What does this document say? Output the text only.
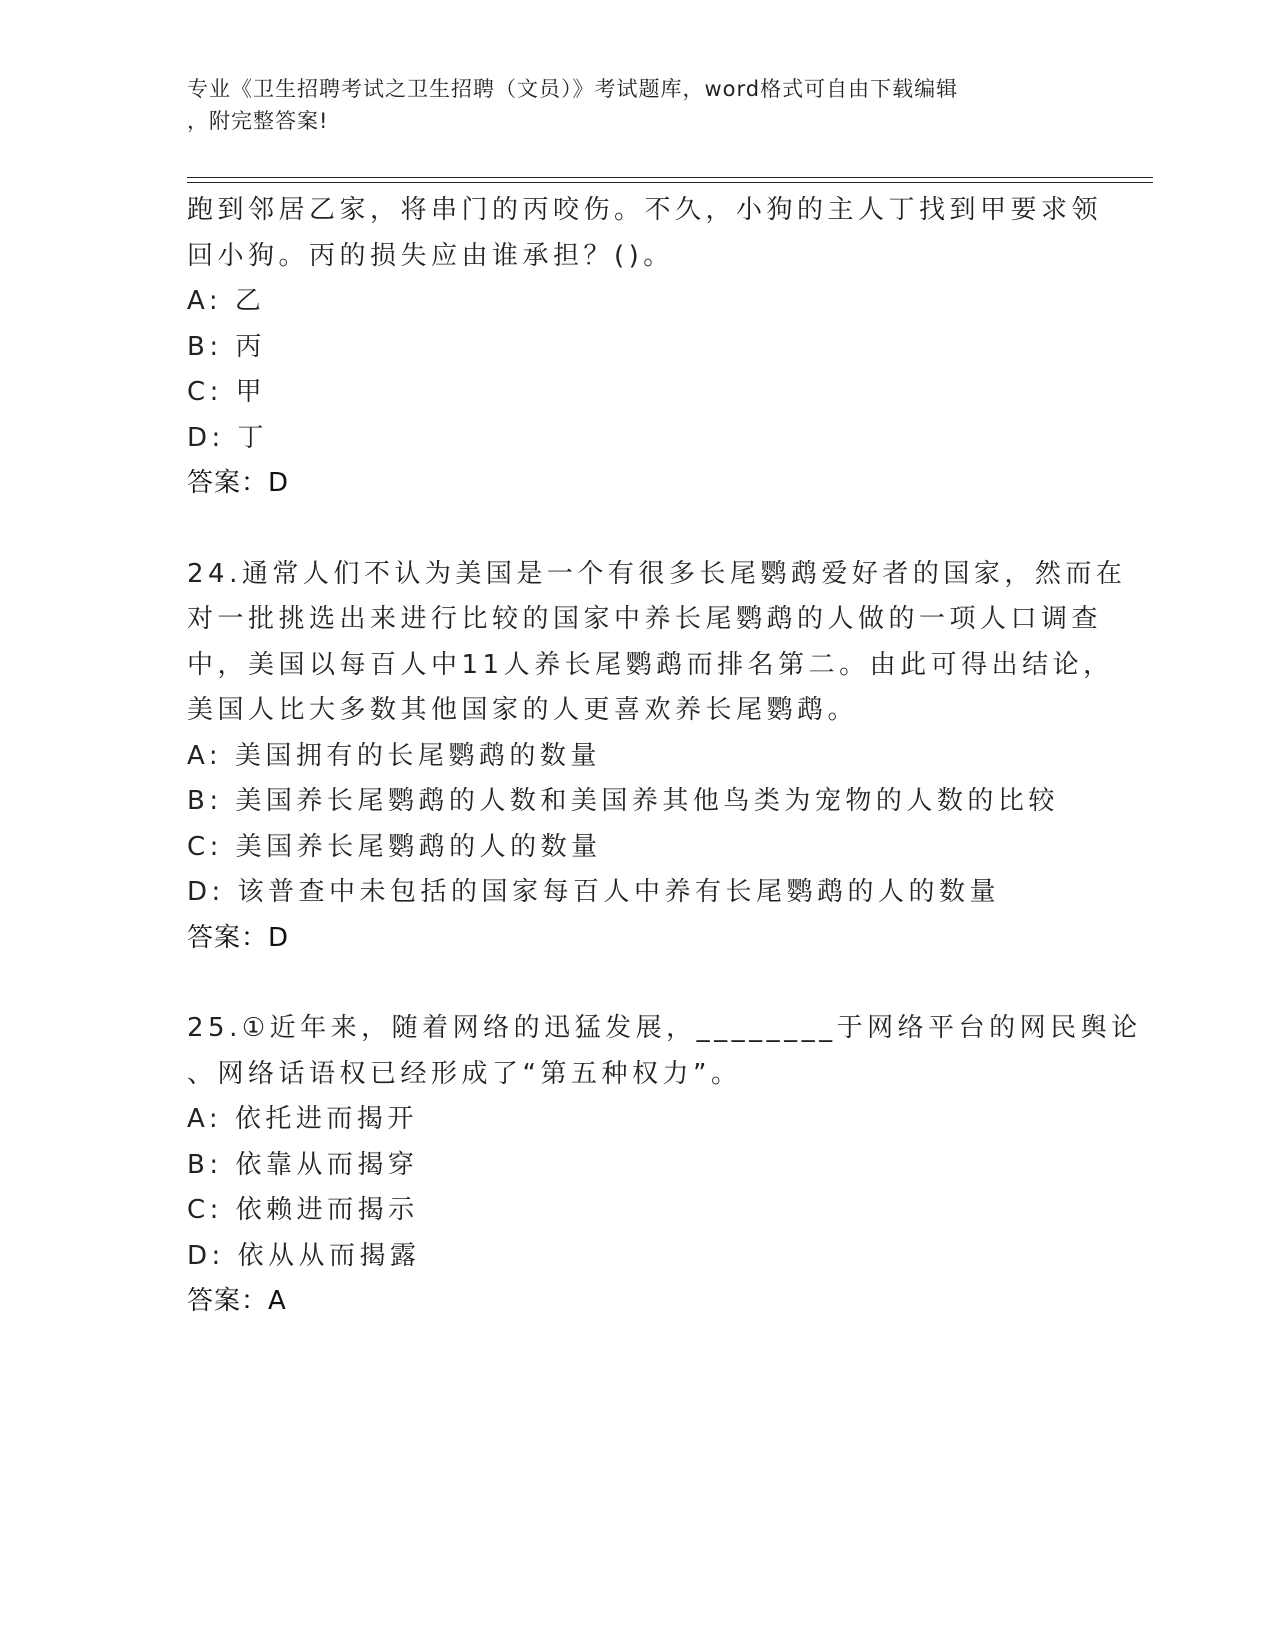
专业《卫生招聘考试之卫生招聘（文员）》考试题库，word格式可自由下载编辑
，附完整答案!
跑到邻居乙家，将串门的丙咬伤。不久，小狗的主人丁找到甲要求领
回小狗。丙的损失应由谁承担？()。
A: 乙
B: 丙
C: 甲
D: 丁
答案：D
24.通常人们不认为美国是一个有很多长尾鹦鹉爱好者的国家，然而在
对一批挑选出来进行比较的国家中养长尾鹦鹉的人做的一项人口调查
中，美国以每百人中11人养长尾鹦鹉而排名第二。由此可得出结论，
美国人比大多数其他国家的人更喜欢养长尾鹦鹉。
A: 美国拥有的长尾鹦鹉的数量
B: 美国养长尾鹦鹉的人数和美国养其他鸟类为宠物的人数的比较
C: 美国养长尾鹦鹉的人的数量
D: 该普查中未包括的国家每百人中养有长尾鹦鹉的人的数量
答案：D
25.①近年来，随着网络的迅猛发展，________于网络平台的网民舆论
、网络话语权已经形成了“第五种权力”。
A: 依托进而揭开
B: 依靠从而揭穿
C: 依赖进而揭示
D: 依从从而揭露
答案：A
